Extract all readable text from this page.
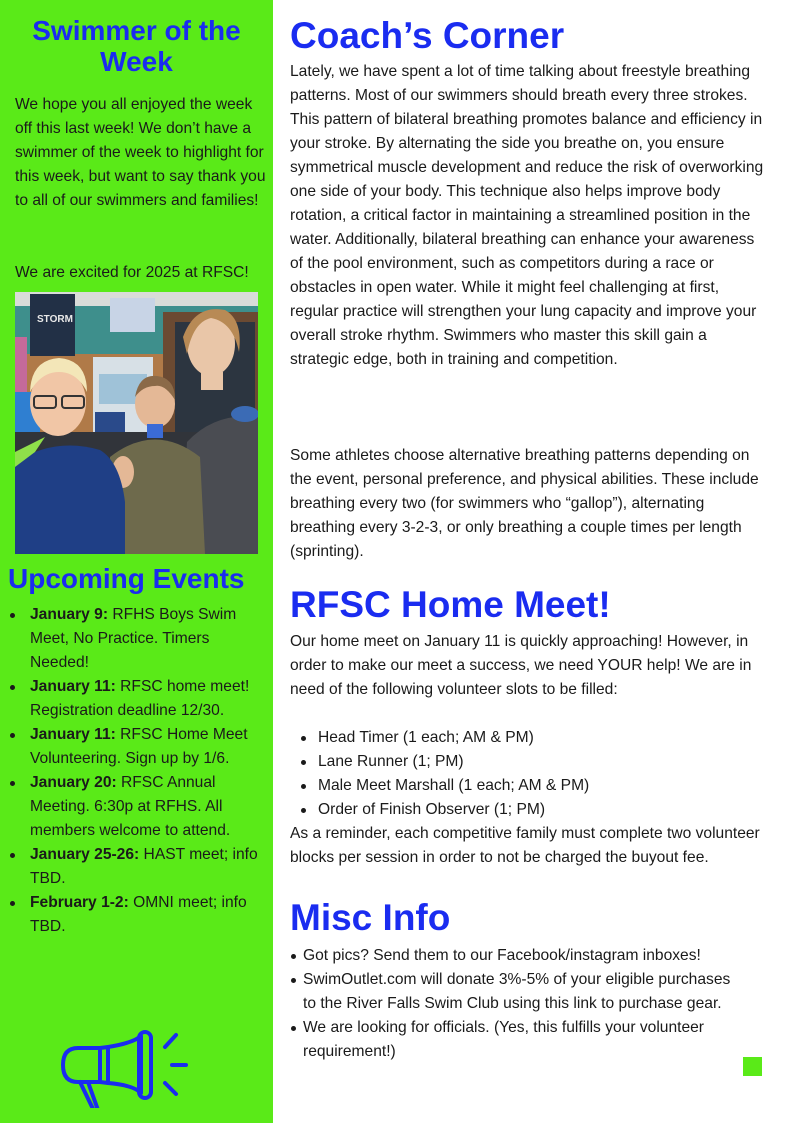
Swimmer of the Week
We hope you all enjoyed the week off this last week! We don’t have a swimmer of the week to highlight for this week, but want to say thank you to all of our swimmers and families!
We are excited for 2025 at RFSC!
STORM
Upcoming Events
January 9: RFHS Boys Swim Meet, No Practice. Timers Needed!
January 11: RFSC home meet! Registration deadline 12/30.
January 11: RFSC Home Meet Volunteering. Sign up by 1/6.
January 20: RFSC Annual Meeting. 6:30p at RFHS. All members welcome to attend.
January 25-26: HAST meet; info TBD.
February 1-2: OMNI meet; info TBD.
Coach’s Corner

Lately, we have spent a lot of time talking about freestyle breathing patterns. Most of our swimmers should breath every three strokes. This pattern of bilateral breathing promotes balance and efficiency in your stroke. By alternating the side you breathe on, you ensure symmetrical muscle development and reduce the risk of overworking one side of your body. This technique also helps improve body rotation, a critical factor in maintaining a streamlined position in the water. Additionally, bilateral breathing can enhance your awareness of the pool environment, such as competitors during a race or obstacles in open water. While it might feel challenging at first, regular practice will strengthen your lung capacity and improve your overall stroke rhythm. Swimmers who master this skill gain a strategic edge, both in training and competition.

Some athletes choose alternative breathing patterns depending on the event, personal preference, and physical abilities. These include breathing every two (for swimmers who “gallop”), alternating breathing every 3-2-3, or only breathing a couple times per length (sprinting).

RFSC Home Meet!

Our home meet on January 11 is quickly approaching! However, in order to make our meet a success, we need YOUR help! We are in need of the following volunteer slots to be filled:

Head Timer (1 each; AM & PM)
Lane Runner (1; PM)
Male Meet Marshall (1 each; AM & PM)
Order of Finish Observer (1; PM)

As a reminder, each competitive family must complete two volunteer blocks per session in order to not be charged the buyout fee.

Misc Info
Got pics? Send them to our Facebook/instagram inboxes!
SwimOutlet.com will donate 3%-5% of your eligible purchases to the River Falls Swim Club using this link to purchase gear.
We are looking for officials. (Yes, this fulfills your volunteer requirement!)
